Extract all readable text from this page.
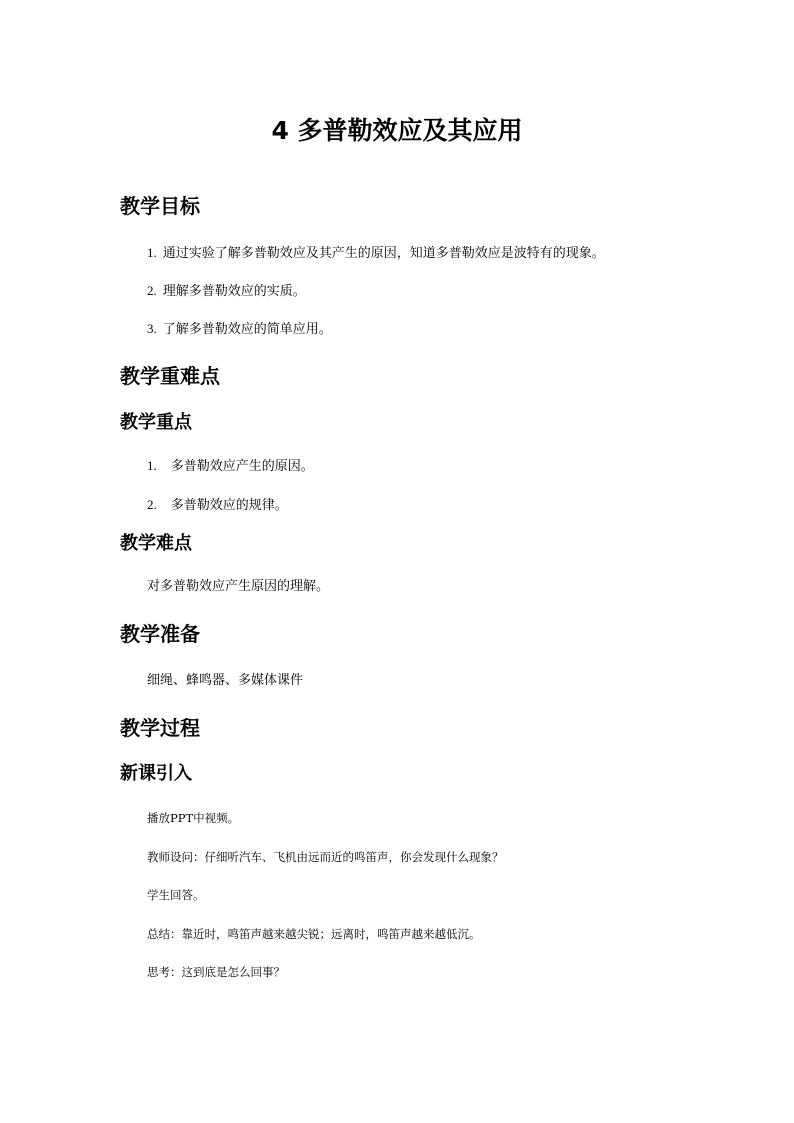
4 多普勒效应及其应用
教学目标
1. 通过实验了解多普勒效应及其产生的原因，知道多普勒效应是波特有的现象。
2. 理解多普勒效应的实质。
3. 了解多普勒效应的简单应用。
教学重难点
教学重点
1. 多普勒效应产生的原因。
2. 多普勒效应的规律。
教学难点

对多普勒效应产生原因的理解。

教学准备

细绳、蜂鸣器、多媒体课件

教学过程
新课引入

播放PPT中视频。

教师设问：仔细听汽车、飞机由远而近的鸣笛声，你会发现什么现象？

学生回答。

总结：靠近时，鸣笛声越来越尖锐；远离时，鸣笛声越来越低沉。

思考：这到底是怎么回事？
